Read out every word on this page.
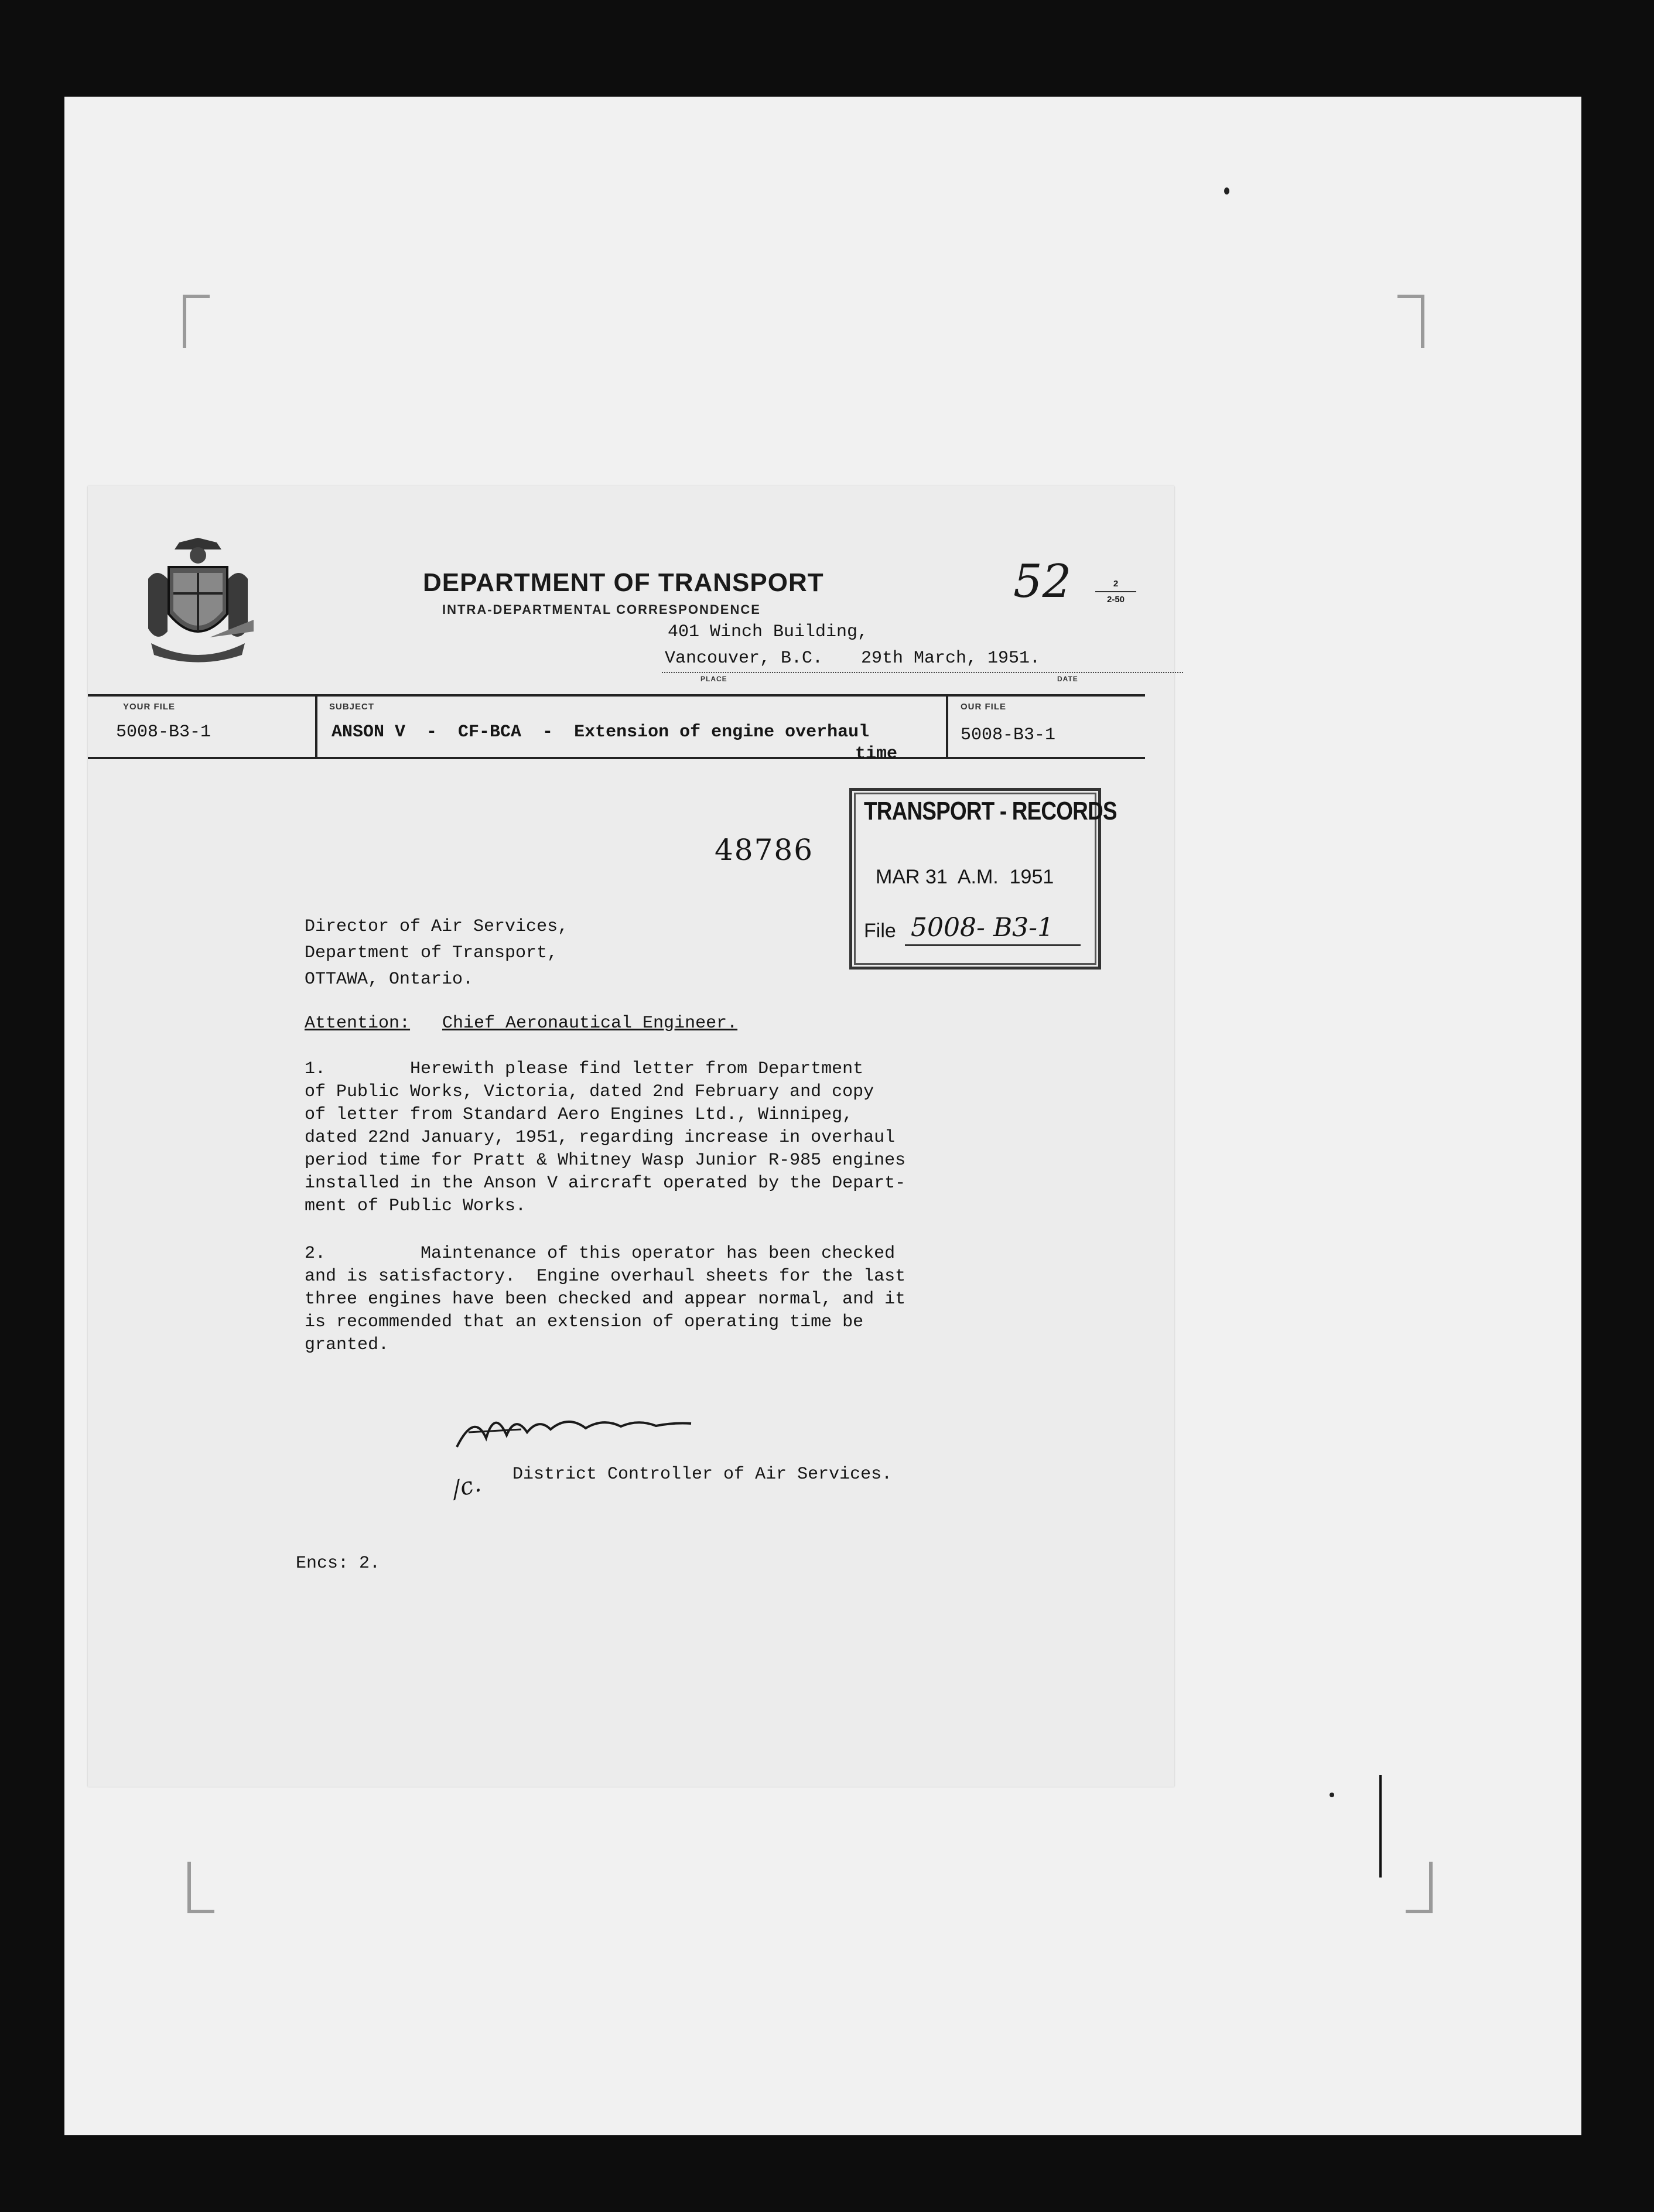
DEPARTMENT OF TRANSPORT
INTRA-DEPARTMENTAL CORRESPONDENCE
52	2
2-50
401 Winch Building,
Vancouver, B.C. 29th March, 1951.
PLACE	DATE
YOUR FILE
5008-B3-1
SUBJECT
ANSON V  -  CF-BCA  -  Extension of engine overhaul
time
OUR FILE
5008-B3-1
48786
TRANSPORT - RECORDS
MAR 31  A.M.  1951
File 5008- B3-1
Director of Air Services,
Department of Transport,
OTTAWA, Ontario.
Attention: Chief Aeronautical Engineer.
1.        Herewith please find letter from Department
of Public Works, Victoria, dated 2nd February and copy
of letter from Standard Aero Engines Ltd., Winnipeg,
dated 22nd January, 1951, regarding increase in overhaul
period time for Pratt & Whitney Wasp Junior R-985 engines
installed in the Anson V aircraft operated by the Depart-
ment of Public Works.
2.         Maintenance of this operator has been checked
and is satisfactory.  Engine overhaul sheets for the last
three engines have been checked and appear normal, and it
is recommended that an extension of operating time be
granted.
/c. District Controller of Air Services.
Encs: 2.
